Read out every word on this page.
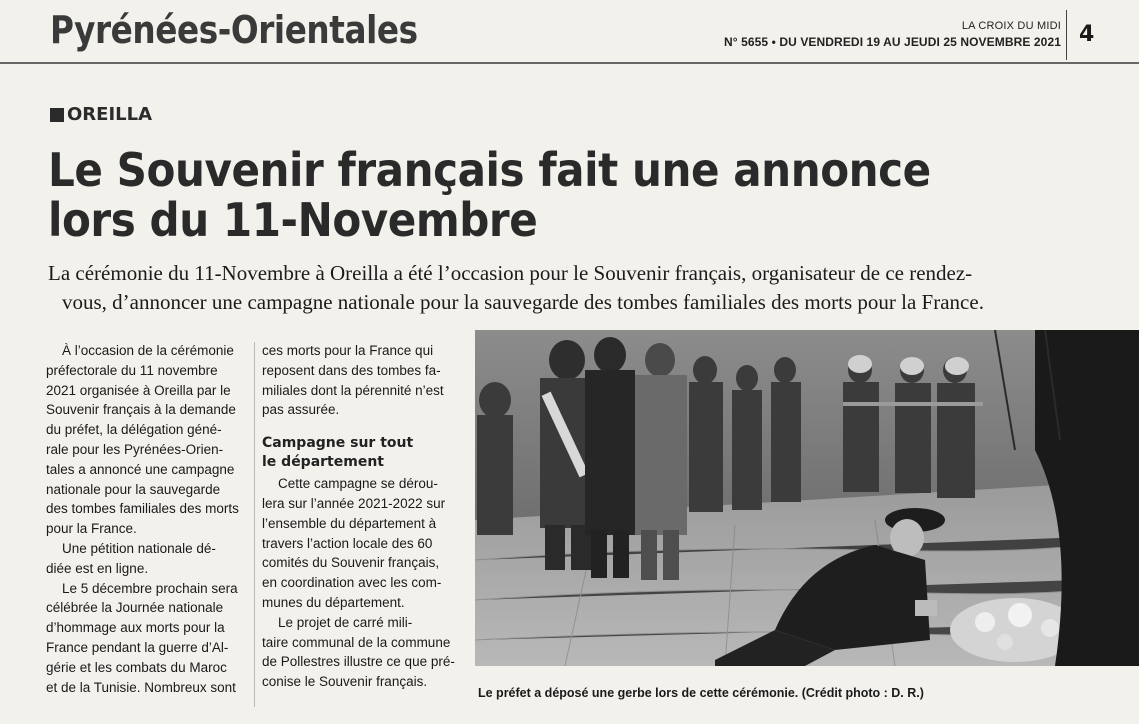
Pyrénées-Orientales	LA CROIX DU MIDI
N° 5655 • DU VENDREDI 19 AU JEUDI 25 NOVEMBRE 2021 4
OREILLA
Le Souvenir français fait une annonce
lors du 11-Novembre
La cérémonie du 11-Novembre à Oreilla a été l’occasion pour le Souvenir français, organisateur de ce rendez-
vous, d’annoncer une campagne nationale pour la sauvegarde des tombes familiales des morts pour la France.
À l’occasion de la cérémonie
préfectorale du 11 novembre
2021 organisée à Oreilla par le
Souvenir français à la demande
du préfet, la délégation géné-
rale pour les Pyrénées-Orien-
tales a annoncé une campagne
nationale pour la sauvegarde
des tombes familiales des morts
pour la France.
Une pétition nationale dé-
diée est en ligne.
Le 5 décembre prochain sera
célébrée la Journée nationale
d’hommage aux morts pour la
France pendant la guerre d’Al-
gérie et les combats du Maroc
et de la Tunisie. Nombreux sont
ces morts pour la France qui
reposent dans des tombes fa-
miliales dont la pérennité n’est
pas assurée.
Campagne sur tout
le département
Cette campagne se dérou-
lera sur l’année 2021-2022 sur
l’ensemble du département à
travers l’action locale des 60
comités du Souvenir français,
en coordination avec les com-
munes du département.
Le projet de carré mili-
taire communal de la commune
de Pollestres illustre ce que pré-
conise le Souvenir français.
Le préfet a déposé une gerbe lors de cette cérémonie. (Crédit photo : D. R.)
